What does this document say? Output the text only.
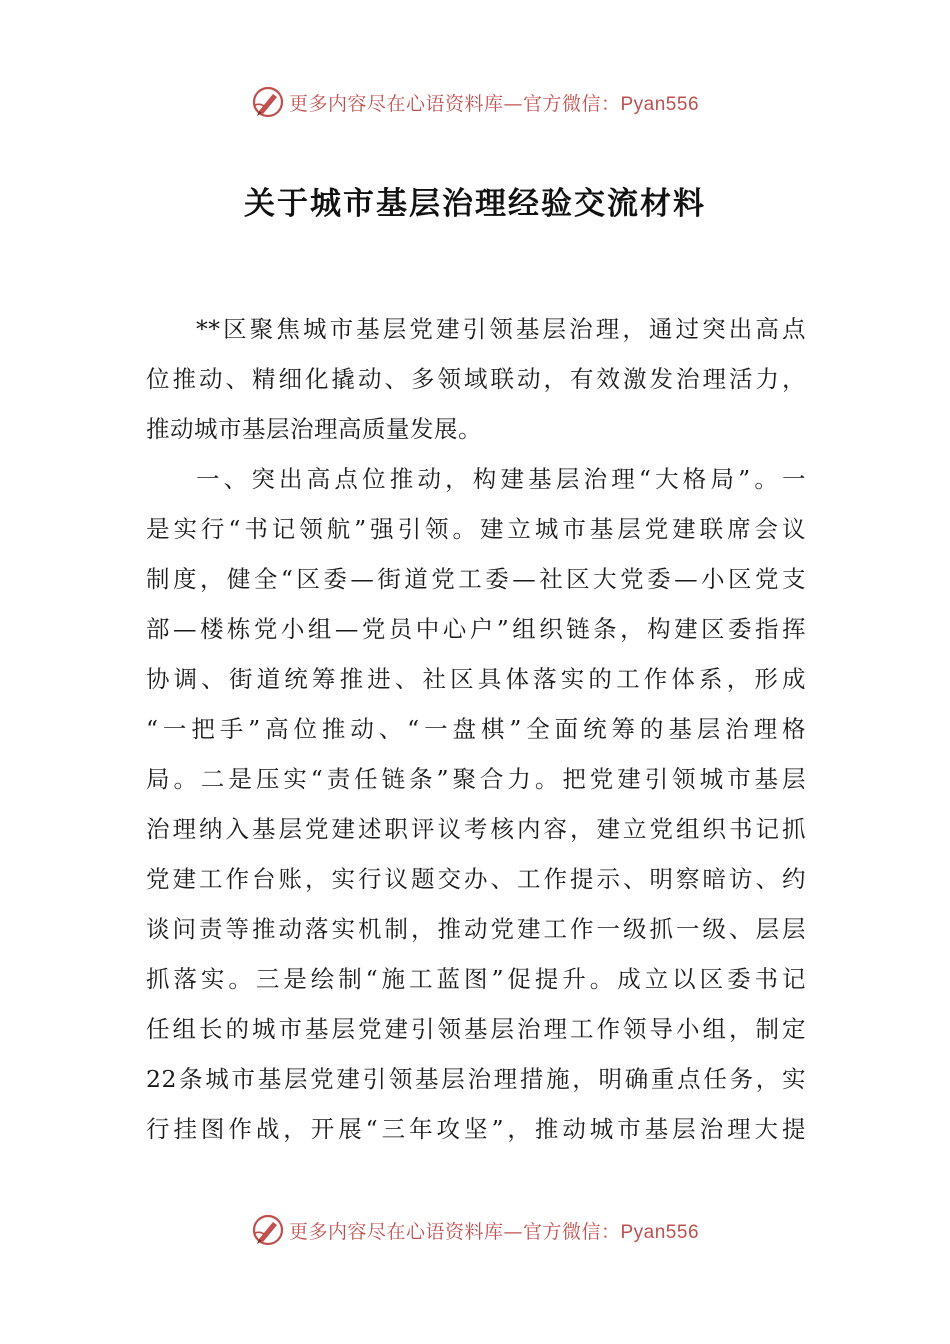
更多内容尽在心语资料库—官方微信：Pyan556
关于城市基层治理经验交流材料
**区聚焦城市基层党建引领基层治理，通过突出高点
位推动、精细化撬动、多领域联动，有效激发治理活力，
推动城市基层治理高质量发展。
一、突出高点位推动，构建基层治理“大格局”。一
是实行“书记领航”强引领。建立城市基层党建联席会议
制度，健全“区委—街道党工委—社区大党委—小区党支
部—楼栋党小组—党员中心户”组织链条，构建区委指挥
协调、街道统筹推进、社区具体落实的工作体系，形成
“一把手”高位推动、“一盘棋”全面统筹的基层治理格
局。二是压实“责任链条”聚合力。把党建引领城市基层
治理纳入基层党建述职评议考核内容，建立党组织书记抓
党建工作台账，实行议题交办、工作提示、明察暗访、约
谈问责等推动落实机制，推动党建工作一级抓一级、层层
抓落实。三是绘制“施工蓝图”促提升。成立以区委书记
任组长的城市基层党建引领基层治理工作领导小组，制定
22条城市基层党建引领基层治理措施，明确重点任务，实
行挂图作战，开展“三年攻坚”，推动城市基层治理大提
更多内容尽在心语资料库—官方微信：Pyan556
